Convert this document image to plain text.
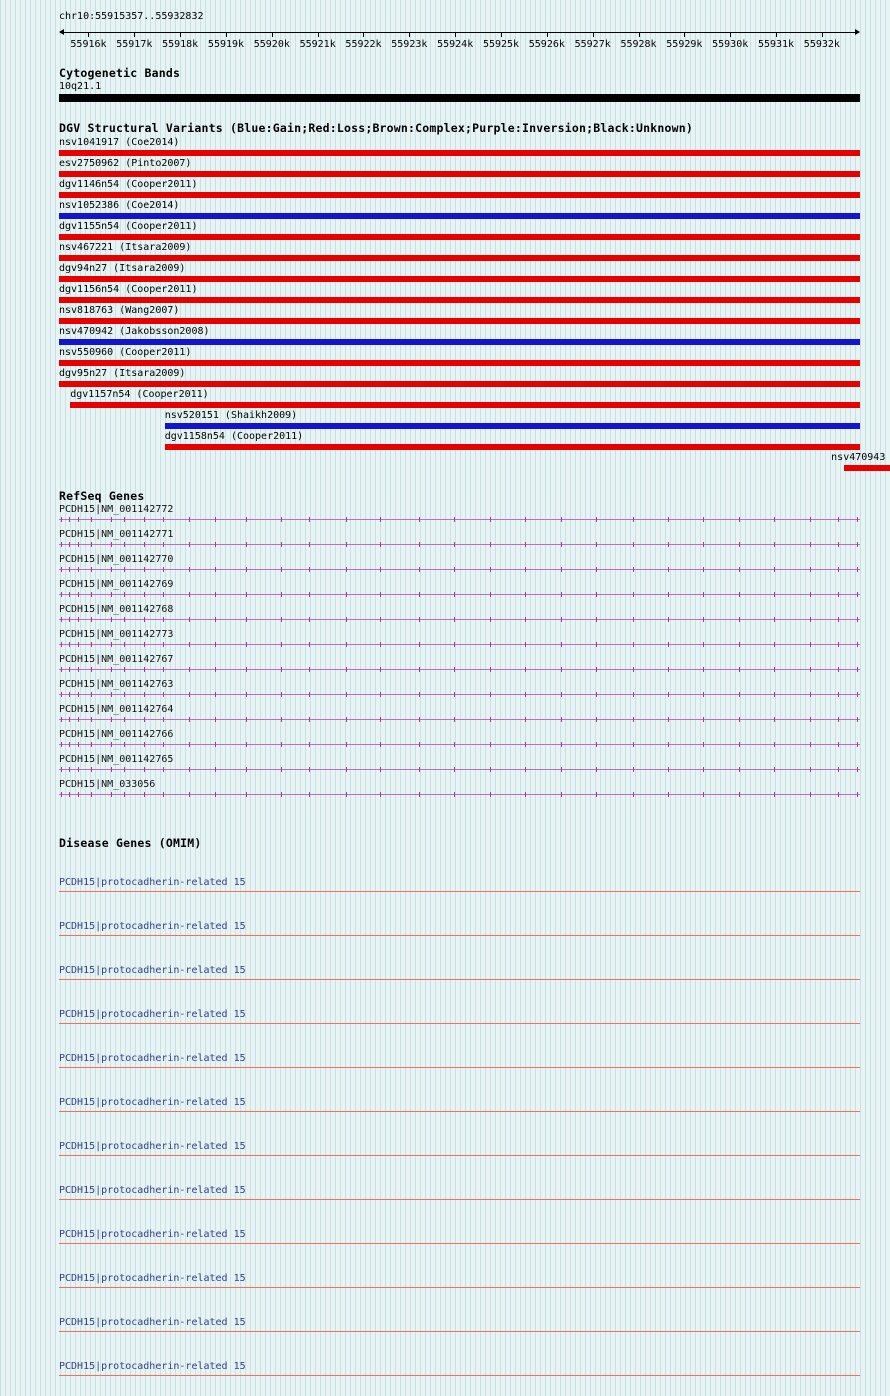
chr10:55915357..55932832
55916k 55917k 55918k 55919k 55920k 55921k 55922k 55923k 55924k 55925k 55926k 55927k 55928k 55929k 55930k 55931k 55932k
Cytogenetic Bands
10q21.1
DGV Structural Variants (Blue:Gain;Red:Loss;Brown:Complex;Purple:Inversion;Black:Unknown)
nsv1041917 (Coe2014)
esv2750962 (Pinto2007)
dgv1146n54 (Cooper2011)
nsv1052386 (Coe2014)
dgv1155n54 (Cooper2011)
nsv467221 (Itsara2009)
dgv94n27 (Itsara2009)
dgv1156n54 (Cooper2011)
nsv818763 (Wang2007)
nsv470942 (Jakobsson2008)
nsv550960 (Cooper2011)
dgv95n27 (Itsara2009)
dgv1157n54 (Cooper2011)
nsv520151 (Shaikh2009)
dgv1158n54 (Cooper2011)
nsv470943
RefSeq Genes
PCDH15|NM_001142772
PCDH15|NM_001142771
PCDH15|NM_001142770
PCDH15|NM_001142769
PCDH15|NM_001142768
PCDH15|NM_001142773
PCDH15|NM_001142767
PCDH15|NM_001142763
PCDH15|NM_001142764
PCDH15|NM_001142766
PCDH15|NM_001142765
PCDH15|NM_033056
Disease Genes (OMIM)
PCDH15|protocadherin-related 15
PCDH15|protocadherin-related 15
PCDH15|protocadherin-related 15
PCDH15|protocadherin-related 15
PCDH15|protocadherin-related 15
PCDH15|protocadherin-related 15
PCDH15|protocadherin-related 15
PCDH15|protocadherin-related 15
PCDH15|protocadherin-related 15
PCDH15|protocadherin-related 15
PCDH15|protocadherin-related 15
PCDH15|protocadherin-related 15
